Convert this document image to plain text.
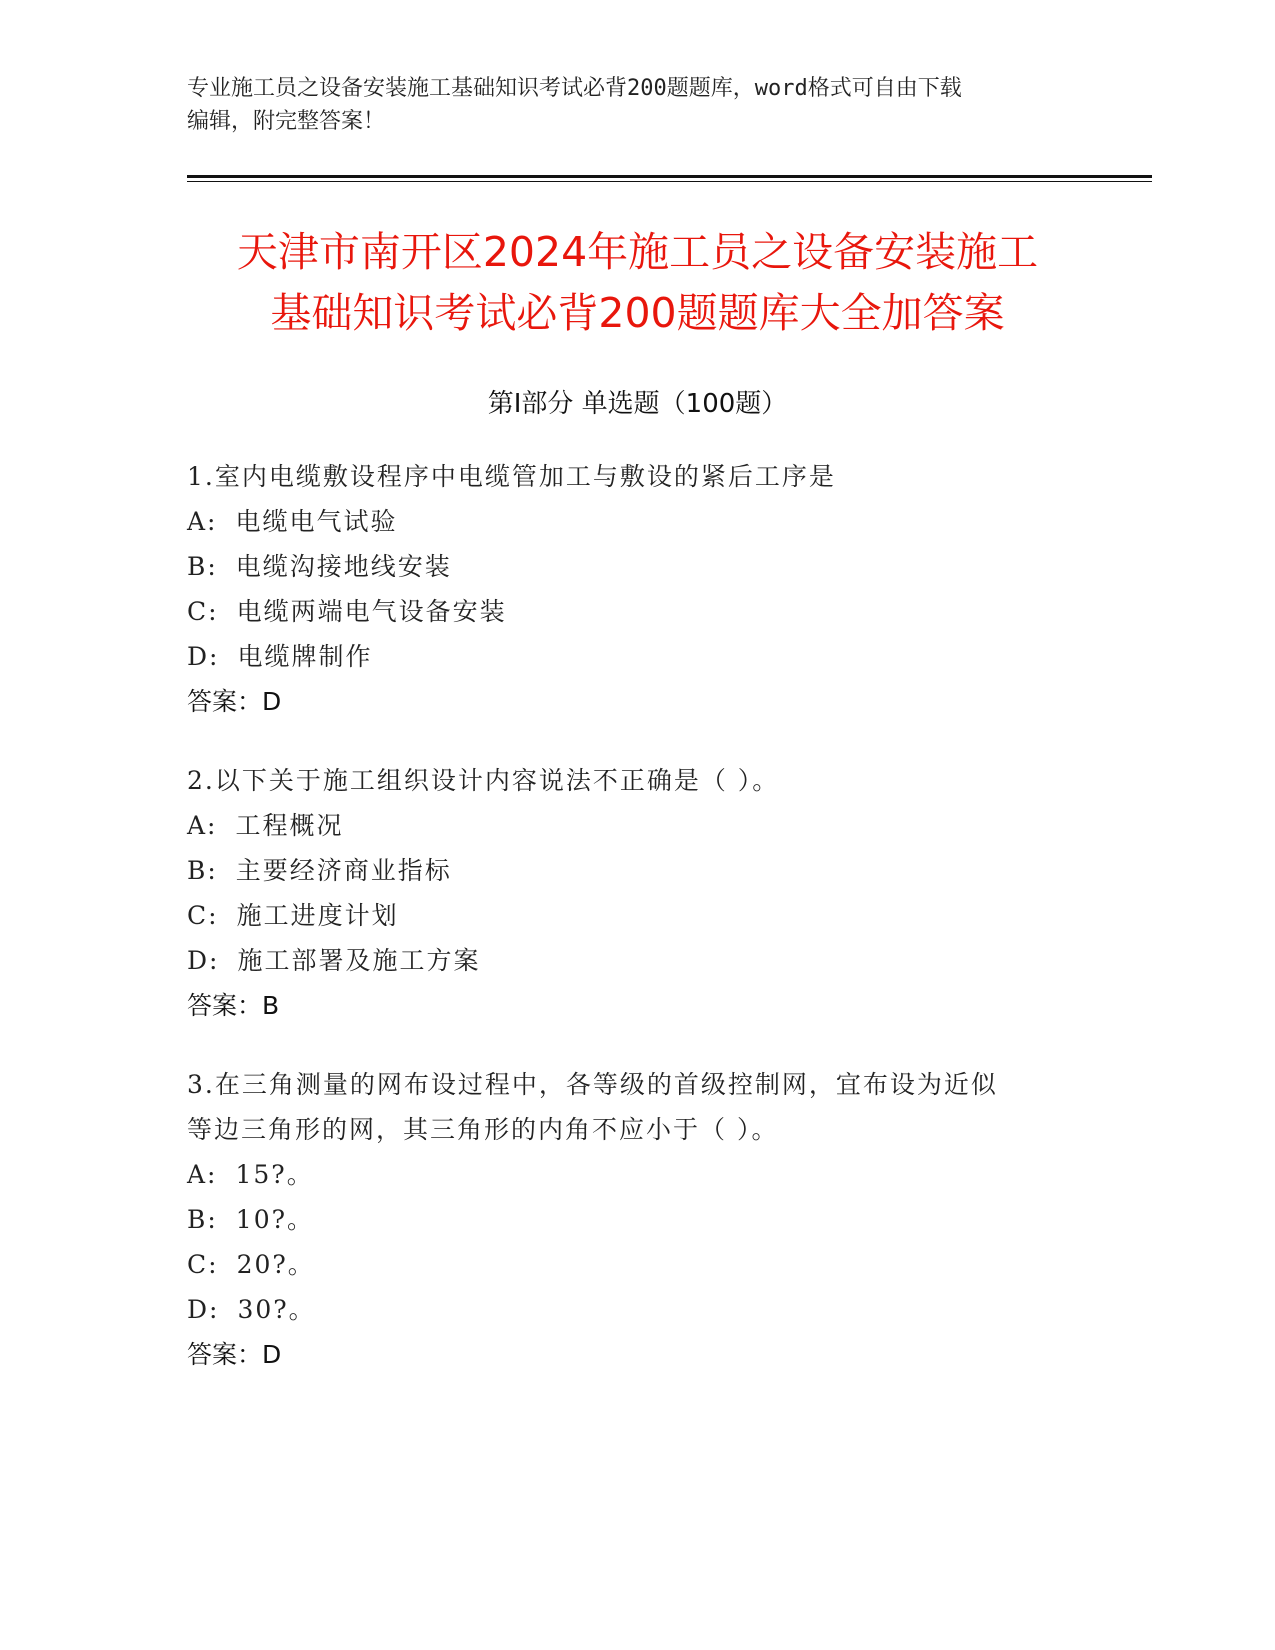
专业施工员之设备安装施工基础知识考试必背200题题库，word格式可自由下载
编辑，附完整答案！
天津市南开区2024年施工员之设备安装施工
基础知识考试必背200题题库大全加答案
第Ⅰ部分 单选题（100题）
1.室内电缆敷设程序中电缆管加工与敷设的紧后工序是
A: 电缆电气试验
B: 电缆沟接地线安装
C: 电缆两端电气设备安装
D: 电缆牌制作
答案：D
2.以下关于施工组织设计内容说法不正确是（ ）。
A: 工程概况
B: 主要经济商业指标
C: 施工进度计划
D: 施工部署及施工方案
答案：B
3.在三角测量的网布设过程中，各等级的首级控制网，宜布设为近似
等边三角形的网，其三角形的内角不应小于（ ）。
A: 15?。
B: 10?。
C: 20?。
D: 30?。
答案：D
